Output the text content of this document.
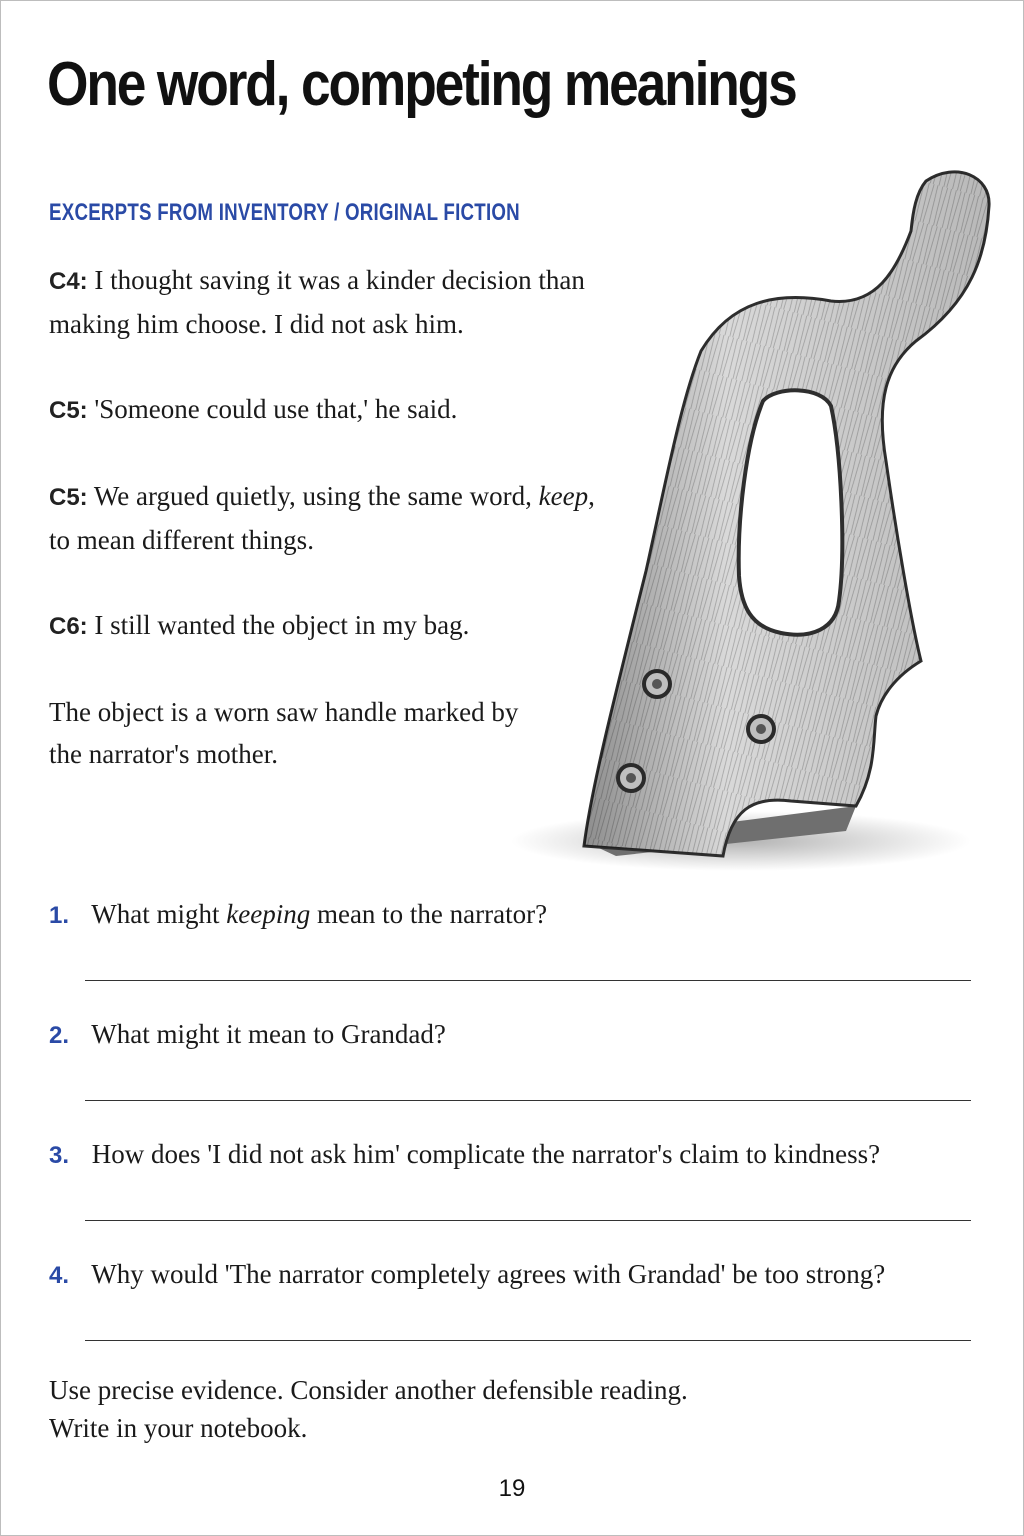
One word, competing meanings
EXCERPTS FROM INVENTORY / ORIGINAL FICTION

C4: I thought saving it was a kinder decision than making him choose. I did not ask him.

C5: 'Someone could use that,' he said.

C5: We argued quietly, using the same word, keep, to mean different things.

C6: I still wanted the object in my bag.

The object is a worn saw handle marked by the narrator's mother.

1. What might keeping mean to the narrator?
2. What might it mean to Grandad?
3. How does 'I did not ask him' complicate the narrator's claim to kindness?
4. Why would 'The narrator completely agrees with Grandad' be too strong?
Use precise evidence. Consider another defensible reading.
Write in your notebook.
19
